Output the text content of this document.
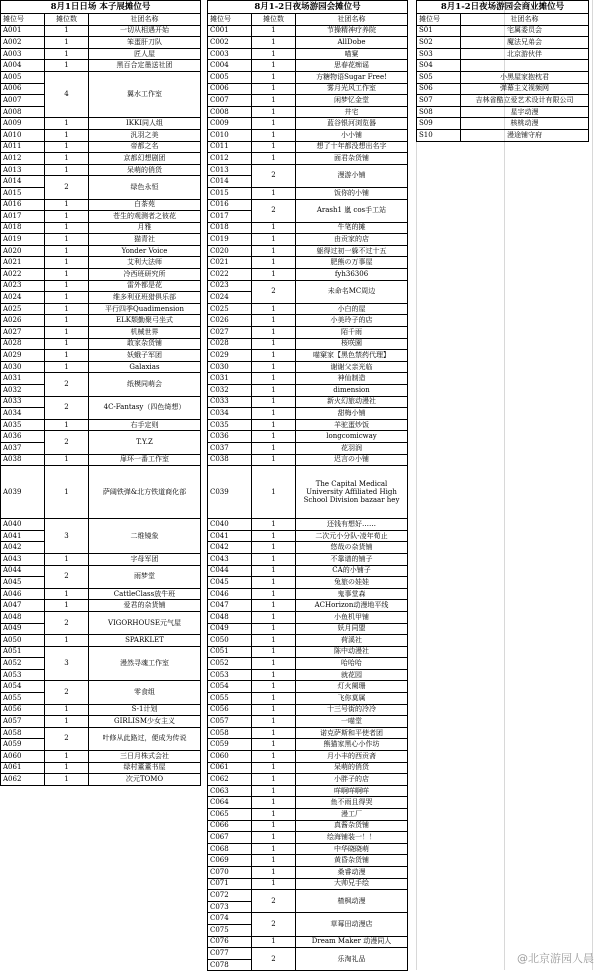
8月1日日场 本子展摊位号		
摊位号	摊位数	社团名称
A001	1	一切从相遇开始
A002	1	笨蛋肝刀队
A003	1	匠人屋
A004	1	黑百合定墨送社团
A005	4	翼水工作室
A006		
A007		
A008		
A009	1	IKKI同人组
A010	1	汎羽之美
A011	1	帝都之名
A012	1	京都幻想剧团
A013	1	呆萌的俏货
A014	2	绿色永恒
A015		
A016	1	白茶苑
A017	1	苍生的观测者之彼花
A018	1	月雅
A019	1	猫青社
A020	1	Yonder Voice
A021	1	艾利大法师
A022	1	冷西班研究所
A023	1	雷外都是花
A024	1	维多利亚班猎俱乐部
A025	1	平行四季Quadimension
A026	1	ELK颓勤聚弓坐式
A027	1	机械世界
A028	1	敢家杂货铺
A029	1	妖蛾子军团
A030	1	Galaxias
A031	2	纸模同萌会
A032		
A033	2	4C-Fantasy（四色绮想）
A034		
A035	1	右手定则
A036	2	T.Y.Z
A037		
A038	1	扉环一番工作室
A039	1	萨阔铁弹&北方铁道商化部
A040	3	二维镜象
A041		
A042		
A043	1	字母军团
A044	2	雨梦堂
A045		
A046	1	CattleClass放牛班
A047	1	爱君的杂货铺
A048	2	VIGORHOUSE元气屋
A049		
A050	1	SPARKLET
A051	3	漫然寻魂工作室
A052		
A053		
A054	2	零食组
A055		
A056	1	S-1计划
A057	1	GIRLISM少女主义
A058	2	叶修从此路过，便成为传说
A059		
A060	1	三日月株式会社
A061	1	绿村董董书屋
A062	1	次元TOMO
8月1-2日夜场游园会摊位号		
摊位号	摊位数	社团名称
C001	1	节操精神疗养院
C002	1	AllDobe
C003	1	喵窠
C004	1	思春花痴谣
C005	1	方糖物语Sugar Free!
C006	1	雾月光风工作室
C007	1	闲梦忆金堂
C008	1	井宅
C009	1	蓝谷银河浏览器
C010	1	小小铺
C011	1	想了十年都没想出名字
C012	1	面君杂货铺
C013	2	漫游小铺
C014		
C015	1	饭你的小铺
C016	2	Arash1 嵐 cos手工站
C017		
C018	1	牛笔的摊
C019	1	由贡家的店
C020	1	躯得过初一躲不过十五
C021	1	肥熊の万事屋
C022	1	fyh36306
C023	2	未命名MC周边
C024		
C025	1	小白的屋
C026	1	小美玲子的店
C027	1	陌千雨
C028	1	桜咲園
C029	1	喵窠家【黑色禁药代理】
C030	1	谢谢父亲光临
C031	1	神仙制造
C032	1	dimension
C033	1	新火幻旅动漫社
C034	1	甜梅小铺
C035	1	羊驼蛋炒饭
C036	1	longcomicway
C037	1	花羽润
C038	1	迟言の小铺
C039	1	The Capital Medical University Affiliated High School Division bazaar hey
C040	1	还钱有想好……
C041	1	二次元小分队-凌年荀止
C042	1	悠哉の杂货铺
C043	1	不靠谱的铺子
C044	1	CA的小铺子
C045	1	兔旅の娃娃
C046	1	鬼事堂森
C047	1	ACHorizon动漫地平线
C048	1	小鱼机甲铺
C049	1	妖月同盟
C050	1	荷溪社
C051	1	陈中动漫社
C052	1	哈哈哈
C053	1	就花园
C054	1	灯火阑珊
C055	1	飞你莫属
C056	1	十三号街的冷冷
C057	1	一喵堂
C058	1	诺克萨斯和平使者团
C059	1	熊猫家黑心小作坊
C060	1	月小丰的西贡斋
C061	1	呆萌的俏货
C062	1	小胖子的店
C063	1	咩啊咩啊咩
C064	1	鱼不雨且得哭
C065	1	漫工厂
C066	1	真酱杂货铺
C067	1	绘海铺装一！！
C068	1	中华晓晓萌
C069	1	黄昏杂货铺
C070	1	桑睿动漫
C071	1	大帅兄手绘
C072	2	楂枫动漫
C073		
C074	2	草莓田动漫店
C075		
C076	1	Dream Maker 动漫同人
C077	2	乐淘礼品
C078		
8月1-2日夜场游园会商业摊位号	
摊位号	社团名称
S01	宅属委员会
S02	魔法兄弟会
S03	北京游伙伴
S04	
S05	小黑屋家抱枕君
S06	弹幕主义视频网
S07	吉林省酷立爱艺术设计有限公司
S08	星宇动漫
S09	核桃动漫
S10	漫途铺守府
@北京游园人晨
